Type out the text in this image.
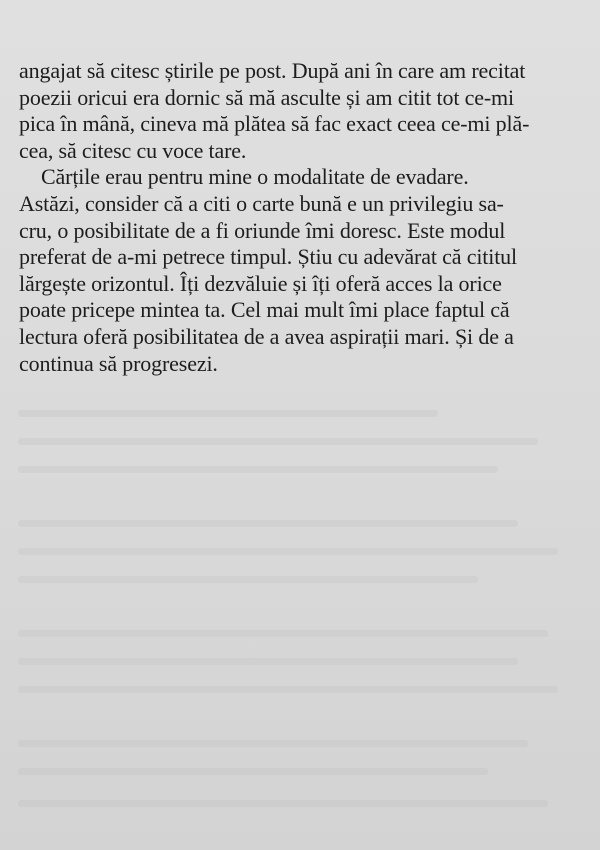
angajat să citesc știrile pe post. După ani în care am recitat
poezii oricui era dornic să mă asculte și am citit tot ce-mi
pica în mână, cineva mă plătea să fac exact ceea ce-mi plă-
cea, să citesc cu voce tare.
Cărțile erau pentru mine o modalitate de evadare.
Astăzi, consider că a citi o carte bună e un privilegiu sa-
cru, o posibilitate de a fi oriunde îmi doresc. Este modul
preferat de a-mi petrece timpul. Știu cu adevărat că cititul
lărgește orizontul. Îți dezvăluie și îți oferă acces la orice
poate pricepe mintea ta. Cel mai mult îmi place faptul că
lectura oferă posibilitatea de a avea aspirații mari. Și de a
continua să progresezi.
